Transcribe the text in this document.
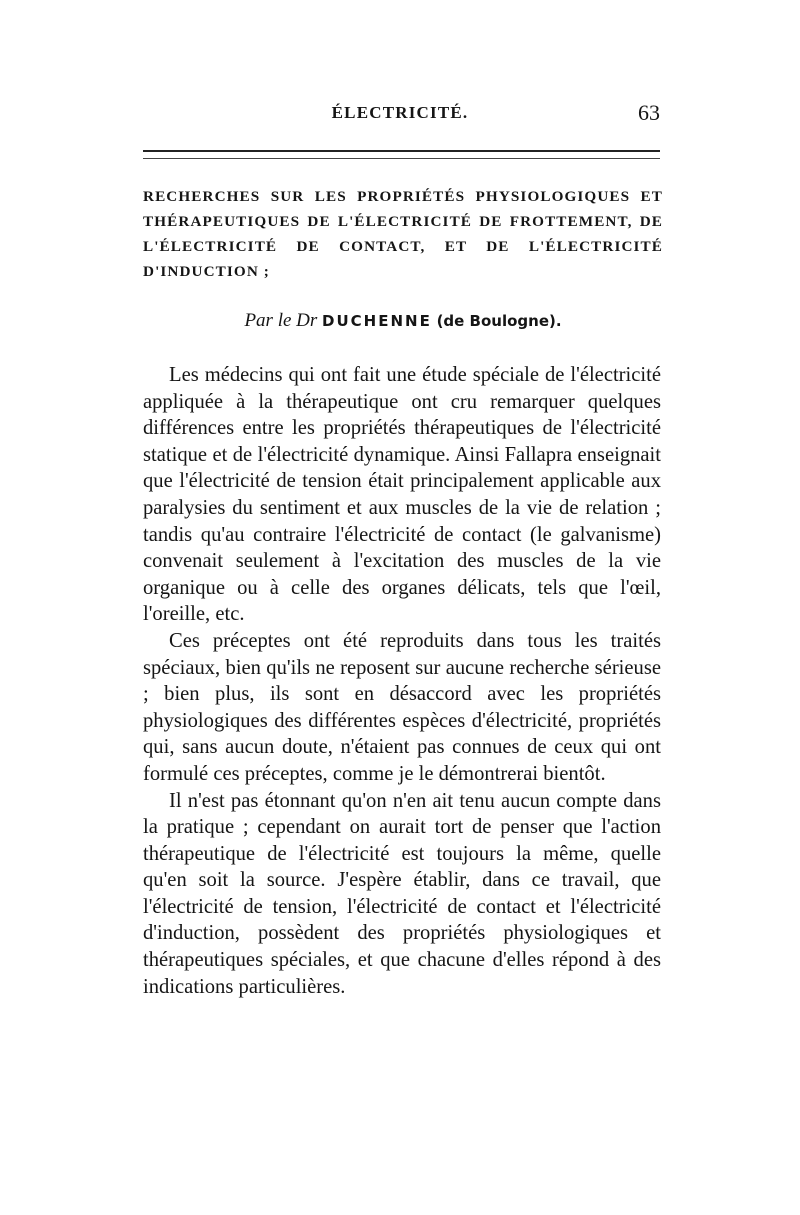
ÉLECTRICITÉ.	63
RECHERCHES SUR LES PROPRIÉTÉS PHYSIOLOGIQUES ET THÉRAPEUTIQUES DE L'ÉLECTRICITÉ DE FROTTEMENT, DE L'ÉLECTRICITÉ DE CONTACT, ET DE L'ÉLECTRICITÉ D'INDUCTION ;
Par le Dr DUCHENNE (de Boulogne).

Les médecins qui ont fait une étude spéciale de l'électricité appliquée à la thérapeutique ont cru remarquer quelques différences entre les propriétés thérapeutiques de l'électricité statique et de l'électricité dynamique. Ainsi Fallapra enseignait que l'électricité de tension était principalement applicable aux paralysies du sentiment et aux muscles de la vie de relation ; tandis qu'au contraire l'électricité de contact (le galvanisme) convenait seulement à l'excitation des muscles de la vie organique ou à celle des organes délicats, tels que l'œil, l'oreille, etc.

Ces préceptes ont été reproduits dans tous les traités spéciaux, bien qu'ils ne reposent sur aucune recherche sérieuse ; bien plus, ils sont en désaccord avec les propriétés physiologiques des différentes espèces d'électricité, propriétés qui, sans aucun doute, n'étaient pas connues de ceux qui ont formulé ces préceptes, comme je le démontrerai bientôt.

Il n'est pas étonnant qu'on n'en ait tenu aucun compte dans la pratique ; cependant on aurait tort de penser que l'action thérapeutique de l'électricité est toujours la même, quelle qu'en soit la source. J'espère établir, dans ce travail, que l'électricité de tension, l'électricité de contact et l'électricité d'induction, possèdent des propriétés physiologiques et thérapeutiques spéciales, et que chacune d'elles répond à des indications particulières.
